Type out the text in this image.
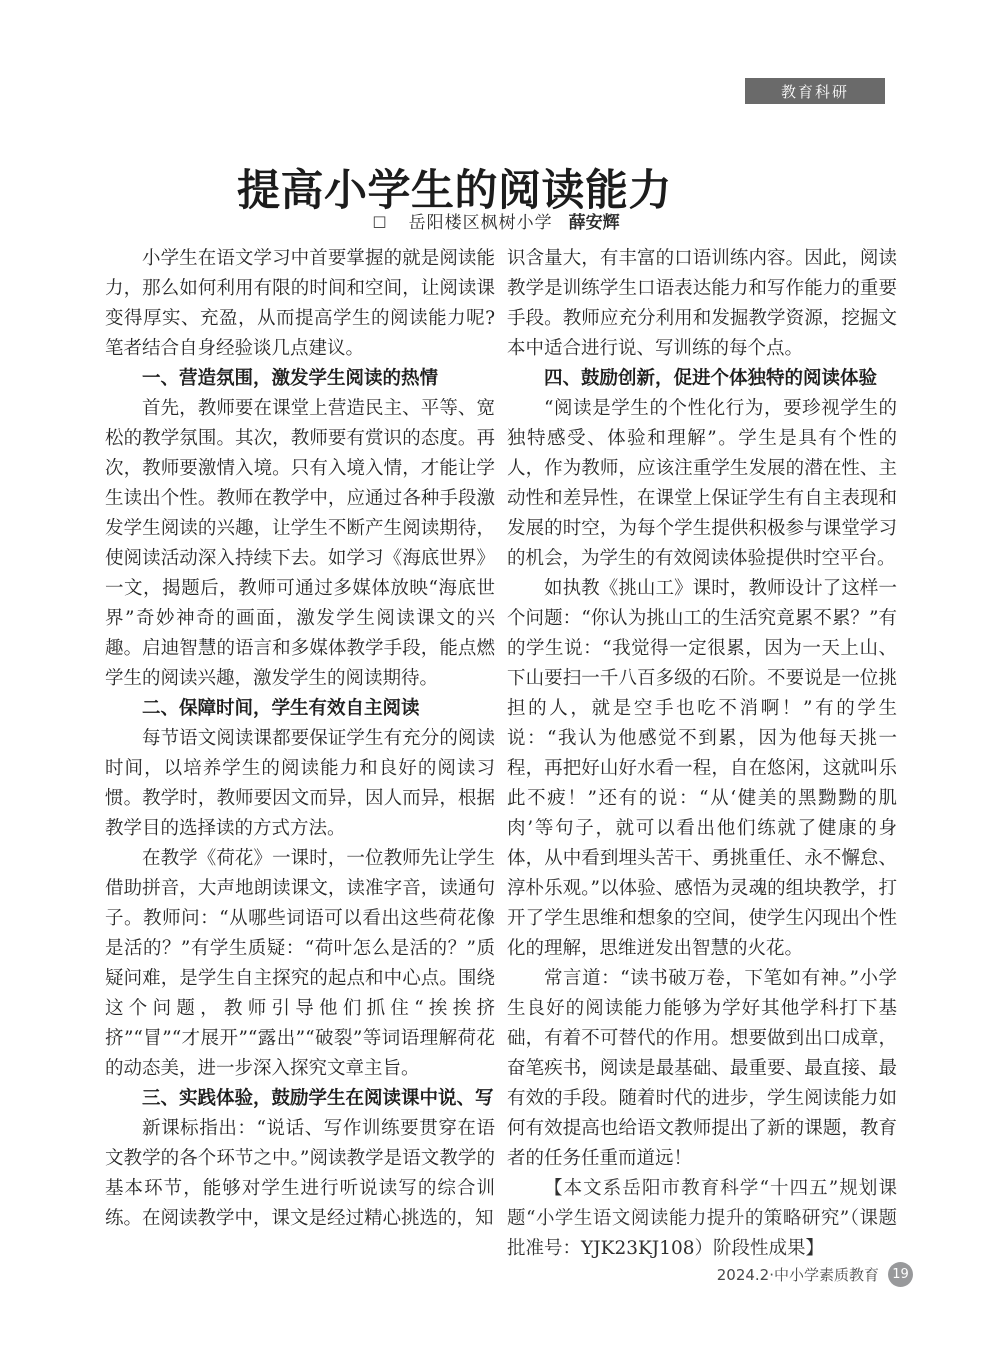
教育科研
提高小学生的阅读能力
□ 岳阳楼区枫树小学 薛安辉

小学生在语文学习中首要掌握的就是阅读能力，那么如何利用有限的时间和空间，让阅读课变得厚实、充盈，从而提高学生的阅读能力呢?笔者结合自身经验谈几点建议。

一、营造氛围，激发学生阅读的热情

首先，教师要在课堂上营造民主、平等、宽松的教学氛围。其次，教师要有赏识的态度。再次，教师要激情入境。只有入境入情，才能让学生读出个性。教师在教学中，应通过各种手段激发学生阅读的兴趣，让学生不断产生阅读期待，使阅读活动深入持续下去。如学习《海底世界》一文，揭题后，教师可通过多媒体放映“海底世界”奇妙神奇的画面，激发学生阅读课文的兴趣。启迪智慧的语言和多媒体教学手段，能点燃学生的阅读兴趣，激发学生的阅读期待。

二、保障时间，学生有效自主阅读

每节语文阅读课都要保证学生有充分的阅读时间，以培养学生的阅读能力和良好的阅读习惯。教学时，教师要因文而异，因人而异，根据教学目的选择读的方式方法。

在教学《荷花》一课时，一位教师先让学生借助拼音，大声地朗读课文，读准字音，读通句子。教师问：“从哪些词语可以看出这些荷花像是活的？”有学生质疑：“荷叶怎么是活的？”质疑问难，是学生自主探究的起点和中心点。围绕这个问题，教师引导他们抓住“挨挨挤挤”“冒”“才展开”“露出”“破裂”等词语理解荷花的动态美，进一步深入探究文章主旨。

三、实践体验，鼓励学生在阅读课中说、写

新课标指出：“说话、写作训练要贯穿在语文教学的各个环节之中。”阅读教学是语文教学的基本环节，能够对学生进行听说读写的综合训练。在阅读教学中，课文是经过精心挑选的，知

识含量大，有丰富的口语训练内容。因此，阅读教学是训练学生口语表达能力和写作能力的重要手段。教师应充分利用和发掘教学资源，挖掘文本中适合进行说、写训练的每个点。

四、鼓励创新，促进个体独特的阅读体验

“阅读是学生的个性化行为，要珍视学生的独特感受、体验和理解”。学生是具有个性的人，作为教师，应该注重学生发展的潜在性、主动性和差异性，在课堂上保证学生有自主表现和发展的时空，为每个学生提供积极参与课堂学习的机会，为学生的有效阅读体验提供时空平台。

如执教《挑山工》课时，教师设计了这样一个问题：“你认为挑山工的生活究竟累不累？”有的学生说：“我觉得一定很累，因为一天上山、下山要扫一千八百多级的石阶。不要说是一位挑担的人，就是空手也吃不消啊！”有的学生说：“我认为他感觉不到累，因为他每天挑一程，再把好山好水看一程，自在悠闲，这就叫乐此不疲！”还有的说：“从‘健美的黑黝黝的肌肉’等句子，就可以看出他们练就了健康的身体，从中看到埋头苦干、勇挑重任、永不懈怠、淳朴乐观。”以体验、感悟为灵魂的组块教学，打开了学生思维和想象的空间，使学生闪现出个性化的理解，思维迸发出智慧的火花。

常言道：“读书破万卷，下笔如有神。”小学生良好的阅读能力能够为学好其他学科打下基础，有着不可替代的作用。想要做到出口成章，奋笔疾书，阅读是最基础、最重要、最直接、最有效的手段。随着时代的进步，学生阅读能力如何有效提高也给语文教师提出了新的课题，教育者的任务任重而道远！

【本文系岳阳市教育科学“十四五”规划课题“小学生语文阅读能力提升的策略研究”（课题批准号：YJK23KJ108）阶段性成果】

2024.2·中小学素质教育	19
